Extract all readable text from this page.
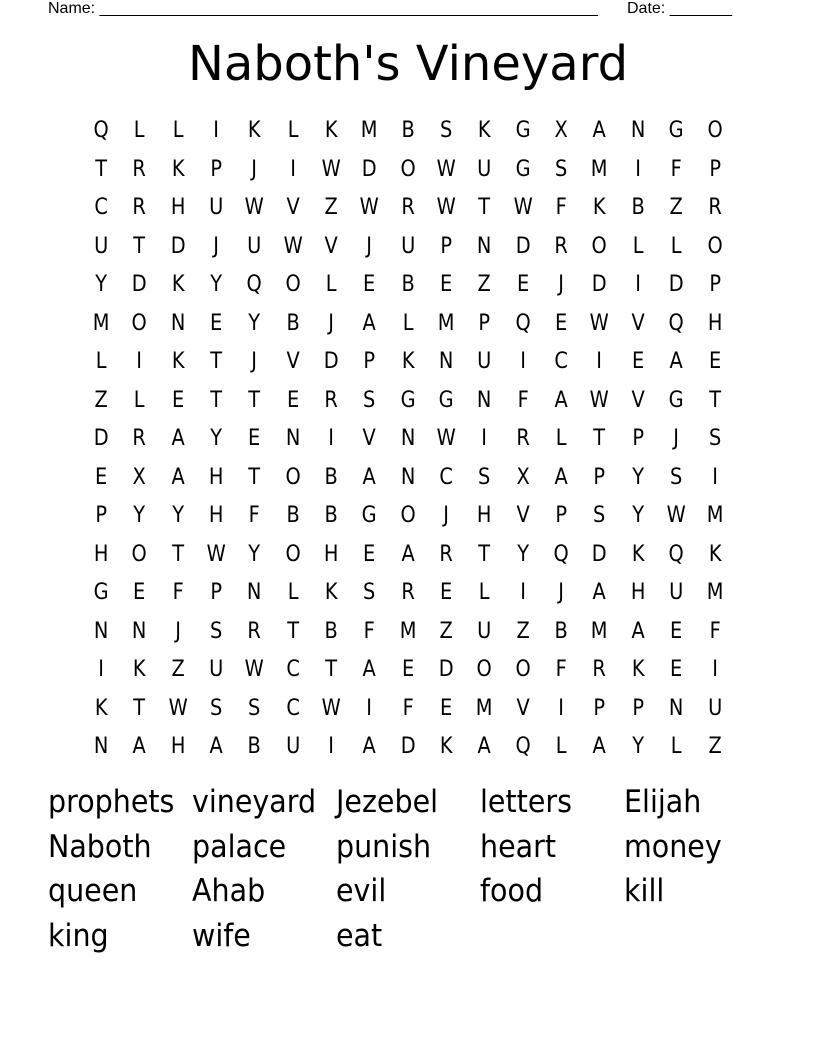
Name: ________________________________________________________ Date: _______
Naboth's Vineyard
Q	L	L	I	K	L	K	M	B	S	K	G	X	A	N	G	O
T	R	K	P	J	I	W D	O W U	G	S	M	I	F	P
C	R	H	U W	V	Z	W	R	W	T	W	F	K	B	Z	R
U	T	D	J	U W	V	J	U	P	N	D	R	O	L	L	O
Y	D	K	Y	Q	O	L	E	B	E	Z	E	J	D	I	D	P
M	O	N	E	Y	B	J	A	L	M	P	Q	E	W	V	Q	H
L	I	K	T	J	V	D	P	K	N	U	I	C	I	E	A	E
Z	L	E	T	T	E	R	S	G	G	N	F	A	W	V	G	T
D	R	A	Y	E	N	I	V	N W	I	R	L	T	P	J	S
E	X	A	H	T	O	B	A	N	C	S	X	A	P	Y	S	I
P	Y	Y	H	F	B	B	G	O	J	H	V	P	S	Y	W M
H	O	T	W	Y	O	H	E	A	R	T	Y	Q	D	K	Q	K
G	E	F	P	N	L	K	S	R	E	L	I	J	A	H	U	M
N	N	J	S	R	T	B	F	M	Z	U	Z	B	M	A	E	F
I	K	Z	U W	C	T	A	E	D	O	O	F	R	K	E	I
K	T	W	S	S	C W	I	F	E	M	V	I	P	P	N	U
N	A	H	A	B	U	I	A	D	K	A	Q	L	A	Y	L	Z
prophets vineyard Jezebel	letters	Elijah
Naboth	palace	punish	heart	money
queen	Ahab	evil	food	kill
king	wife	eat
